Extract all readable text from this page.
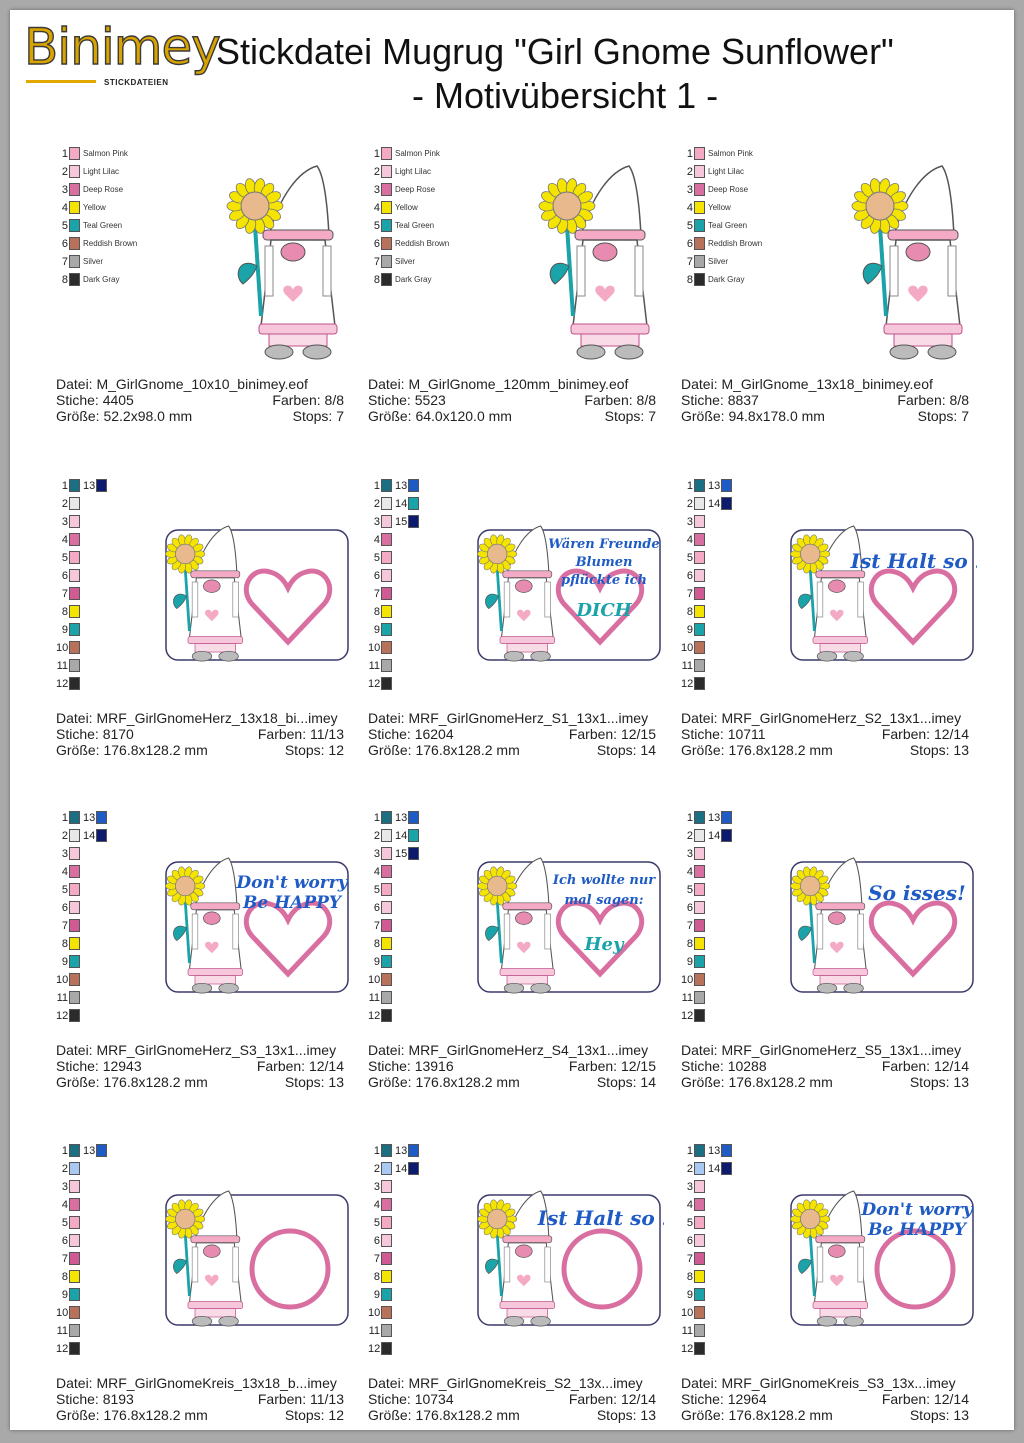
Binimey
STICKDATEIEN
Stickdatei Mugrug "Girl Gnome Sunflower"
- Motivübersicht 1 -
1 Salmon Pink
2 Light Lilac
3 Deep Rose
4 Yellow
5 Teal Green
6 Reddish Brown
7 Silver
8 Dark Gray
Datei: M_GirlGnome_10x10_binimey.eof
Stiche: 4405	Farben: 8/8
Größe: 52.2x98.0 mm	Stops: 7
1 Salmon Pink
2 Light Lilac
3 Deep Rose
4 Yellow
5 Teal Green
6 Reddish Brown
7 Silver
8 Dark Gray
Datei: M_GirlGnome_120mm_binimey.eof
Stiche: 5523	Farben: 8/8
Größe: 64.0x120.0 mm	Stops: 7
1 Salmon Pink
2 Light Lilac
3 Deep Rose
4 Yellow
5 Teal Green
6 Reddish Brown
7 Silver
8 Dark Gray
Datei: M_GirlGnome_13x18_binimey.eof
Stiche: 8837	Farben: 8/8
Größe: 94.8x178.0 mm	Stops: 7
1 13
2
3
4
5
6
7
8
9
10
11
12
Datei: MRF_GirlGnomeHerz_13x18_bi...imey
Stiche: 8170	Farben: 11/13
Größe: 176.8x128.2 mm	Stops: 12
1 13
2 14
3 15
4
5
6
7
8
9
10
11
12
Wären Freunde
Blumen
pflückte ich
DICH
Datei: MRF_GirlGnomeHerz_S1_13x1...imey
Stiche: 16204	Farben: 12/15
Größe: 176.8x128.2 mm	Stops: 14
1 13
2 14
3
4
5
6
7
8
9
10
11
12
Ist Halt so !
Datei: MRF_GirlGnomeHerz_S2_13x1...imey
Stiche: 10711	Farben: 12/14
Größe: 176.8x128.2 mm	Stops: 13
1 13
2 14
3
4
5
6
7
8
9
10
11
12
Don't worry
Be HAPPY
Datei: MRF_GirlGnomeHerz_S3_13x1...imey
Stiche: 12943	Farben: 12/14
Größe: 176.8x128.2 mm	Stops: 13
1 13
2 14
3 15
4
5
6
7
8
9
10
11
12
Ich wollte nur
mal sagen:
Hey
Datei: MRF_GirlGnomeHerz_S4_13x1...imey
Stiche: 13916	Farben: 12/15
Größe: 176.8x128.2 mm	Stops: 14
1 13
2 14
3
4
5
6
7
8
9
10
11
12
So isses!
Datei: MRF_GirlGnomeHerz_S5_13x1...imey
Stiche: 10288	Farben: 12/14
Größe: 176.8x128.2 mm	Stops: 13
1 13
2
3
4
5
6
7
8
9
10
11
12
Datei: MRF_GirlGnomeKreis_13x18_b...imey
Stiche: 8193	Farben: 11/13
Größe: 176.8x128.2 mm	Stops: 12
1 13
2 14
3
4
5
6
7
8
9
10
11
12
Ist Halt so !
Datei: MRF_GirlGnomeKreis_S2_13x...imey
Stiche: 10734	Farben: 12/14
Größe: 176.8x128.2 mm	Stops: 13
1 13
2 14
3
4
5
6
7
8
9
10
11
12
Don't worry
Be HAPPY
Datei: MRF_GirlGnomeKreis_S3_13x...imey
Stiche: 12964	Farben: 12/14
Größe: 176.8x128.2 mm	Stops: 13
